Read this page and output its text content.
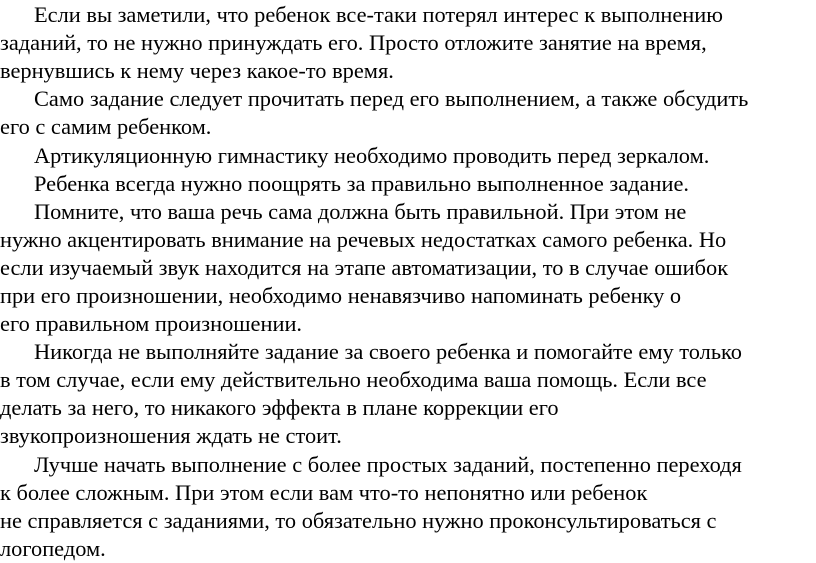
Если вы заметили, что ребенок все-таки потерял интерес к выполнению
заданий, то не нужно принуждать его. Просто отложите занятие на время,
вернувшись к нему через какое-то время.
Само задание следует прочитать перед его выполнением, а также обсудить
его с самим ребенком.
Артикуляционную гимнастику необходимо проводить перед зеркалом.
Ребенка всегда нужно поощрять за правильно выполненное задание.
Помните, что ваша речь сама должна быть правильной. При этом не
нужно акцентировать внимание на речевых недостатках самого ребенка. Но
если изучаемый звук находится на этапе автоматизации, то в случае ошибок
при его произношении, необходимо ненавязчиво напоминать ребенку о
его правильном произношении.
Никогда не выполняйте задание за своего ребенка и помогайте ему только
в том случае, если ему действительно необходима ваша помощь. Если все
делать за него, то никакого эффекта в плане коррекции его
звукопроизношения ждать не стоит.
Лучше начать выполнение с более простых заданий, постепенно переходя
к более сложным. При этом если вам что-то непонятно или ребенок
не справляется с заданиями, то обязательно нужно проконсультироваться с
логопедом.
